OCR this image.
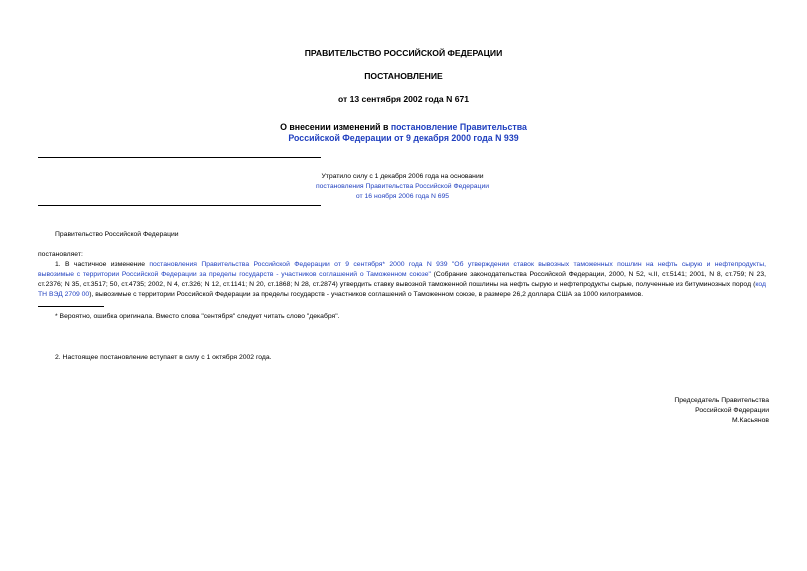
ПРАВИТЕЛЬСТВО РОССИЙСКОЙ ФЕДЕРАЦИИ
ПОСТАНОВЛЕНИЕ
от 13 сентября 2002 года N 671
О внесении изменений в постановление Правительства
Российской Федерации от 9 декабря 2000 года N 939
Утратило силу с 1 декабря 2006 года на основании
постановления Правительства Российской Федерации
от 16 ноября 2006 года N 695
Правительство Российской Федерации
постановляет:
1. В частичное изменение постановления Правительства Российской Федерации от 9 сентября* 2000 года N 939 "Об утверждении ставок вывозных таможенных пошлин на нефть сырую и нефтепродукты,
вывозимые с территории Российской Федерации за пределы государств - участников соглашений о Таможенном союзе" (Собрание законодательства Российской Федерации, 2000, N 52, ч.II, ст.5141; 2001, N 8, ст.759; N 23, ст.2376; N 35, ст.3517; 50, ст.4735; 2002, N 4, ст.326; N 12, ст.1141; N 20, ст.1868; N 28, ст.2874) утвердить ставку вывозной таможенной пошлины на нефть сырую и нефтепродукты сырые, полученные из битуминозных пород (код ТН ВЭД 2709 00), вывозимые с территории Российской Федерации за пределы государств - участников соглашений о Таможенном союзе, в размере 26,2 доллара США за 1000 килограммов.
* Вероятно, ошибка оригинала. Вместо слова "сентября" следует читать слово "декабря".
2. Настоящее постановление вступает в силу с 1 октября 2002 года.
Председатель Правительства
Российской Федерации
М.Касьянов
